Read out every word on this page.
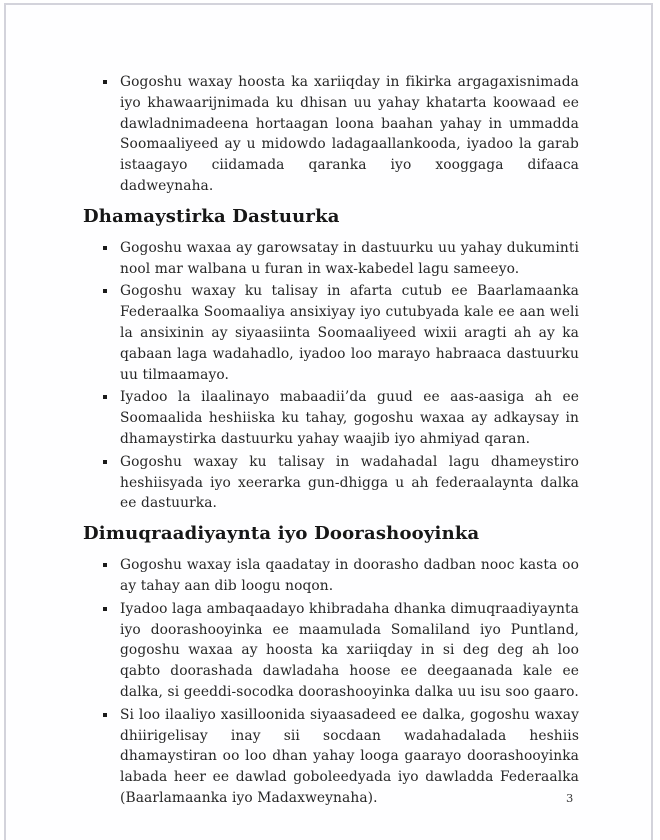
Gogoshu waxay hoosta ka xariiqday in fikirka argagaxisnimada iyo khawaarijnimada ku dhisan uu yahay khatarta koowaad ee dawladnimadeena hortaagan loona baahan yahay in ummadda Soomaaliyeed ay u midowdo ladagaallankooda, iyadoo la garab istaagayo ciidamada qaranka iyo xooggaga difaaca dadweynaha.
Dhamaystirka Dastuurka
Gogoshu waxaa ay garowsatay in dastuurku uu yahay dukuminti nool mar walbana u furan in wax-kabedel lagu sameeyo.
Gogoshu waxay ku talisay in afarta cutub ee Baarlamaanka Federaalka Soomaaliya ansixiyay iyo cutubyada kale ee aan weli la ansixinin ay siyaasiinta Soomaaliyeed wixii aragti ah ay ka qabaan laga wadahadlo, iyadoo loo marayo habraaca dastuurku uu tilmaamayo.
Iyadoo la ilaalinayo mabaadii’da guud ee aas-aasiga ah ee Soomaalida heshiiska ku tahay, gogoshu waxaa ay adkaysay in dhamaystirka dastuurku yahay waajib iyo ahmiyad qaran.
Gogoshu waxay ku talisay in wadahadal lagu dhameystiro heshiisyada iyo xeerarka gun-dhigga u ah federaalaynta dalka ee dastuurka.
Dimuqraadiyaynta iyo Doorashooyinka
Gogoshu waxay isla qaadatay in doorasho dadban nooc kasta oo ay tahay aan dib loogu noqon.
Iyadoo laga ambaqaadayo khibradaha dhanka dimuqraadiyaynta iyo doorashooyinka ee maamulada Somaliland iyo Puntland, gogoshu waxaa ay hoosta ka xariiqday in si deg deg ah loo qabto doorashada dawladaha hoose ee deegaanada kale ee dalka, si geeddi-socodka doorashooyinka dalka uu isu soo gaaro.
Si loo ilaaliyo xasilloonida siyaasadeed ee dalka, gogoshu waxay dhiirigelisay inay sii socdaan wadahadalada heshiis dhamaystiran oo loo dhan yahay looga gaarayo doorashooyinka labada heer ee dawlad goboleedyada iyo dawladda Federaalka (Baarlamaanka iyo Madaxweynaha).	3
